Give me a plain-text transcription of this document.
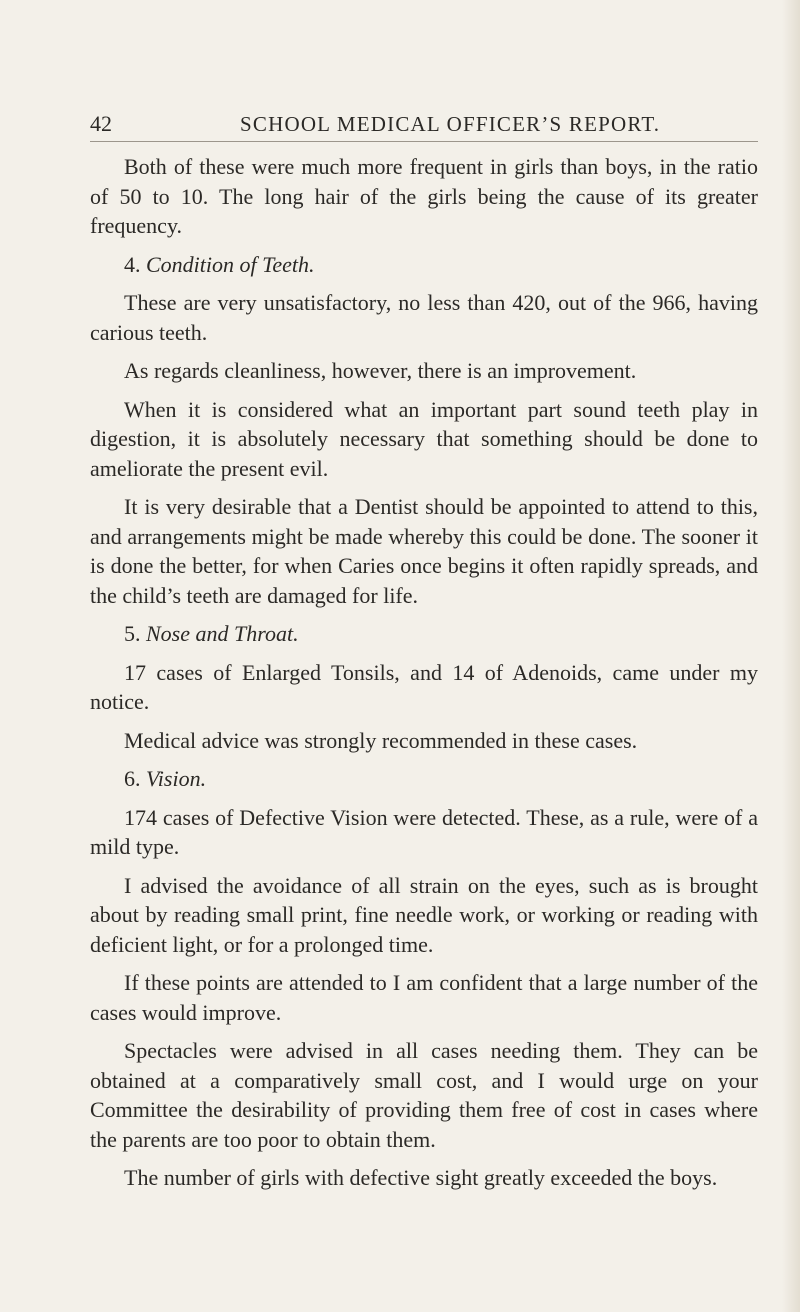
42	SCHOOL MEDICAL OFFICER’S REPORT.

Both of these were much more frequent in girls than boys, in the ratio of 50 to 10. The long hair of the girls being the cause of its greater frequency.

4. Condition of Teeth.

These are very unsatisfactory, no less than 420, out of the 966, having carious teeth.

As regards cleanliness, however, there is an improvement.

When it is considered what an important part sound teeth play in digestion, it is absolutely necessary that something should be done to ameliorate the present evil.

It is very desirable that a Dentist should be appointed to attend to this, and arrangements might be made whereby this could be done. The sooner it is done the better, for when Caries once begins it often rapidly spreads, and the child’s teeth are damaged for life.

5. Nose and Throat.

17 cases of Enlarged Tonsils, and 14 of Adenoids, came under my notice.

Medical advice was strongly recommended in these cases.

6. Vision.

174 cases of Defective Vision were detected. These, as a rule, were of a mild type.

I advised the avoidance of all strain on the eyes, such as is brought about by reading small print, fine needle work, or working or reading with deficient light, or for a prolonged time.

If these points are attended to I am confident that a large number of the cases would improve.

Spectacles were advised in all cases needing them. They can be obtained at a comparatively small cost, and I would urge on your Committee the desirability of providing them free of cost in cases where the parents are too poor to obtain them.

The number of girls with defective sight greatly exceeded the boys.
